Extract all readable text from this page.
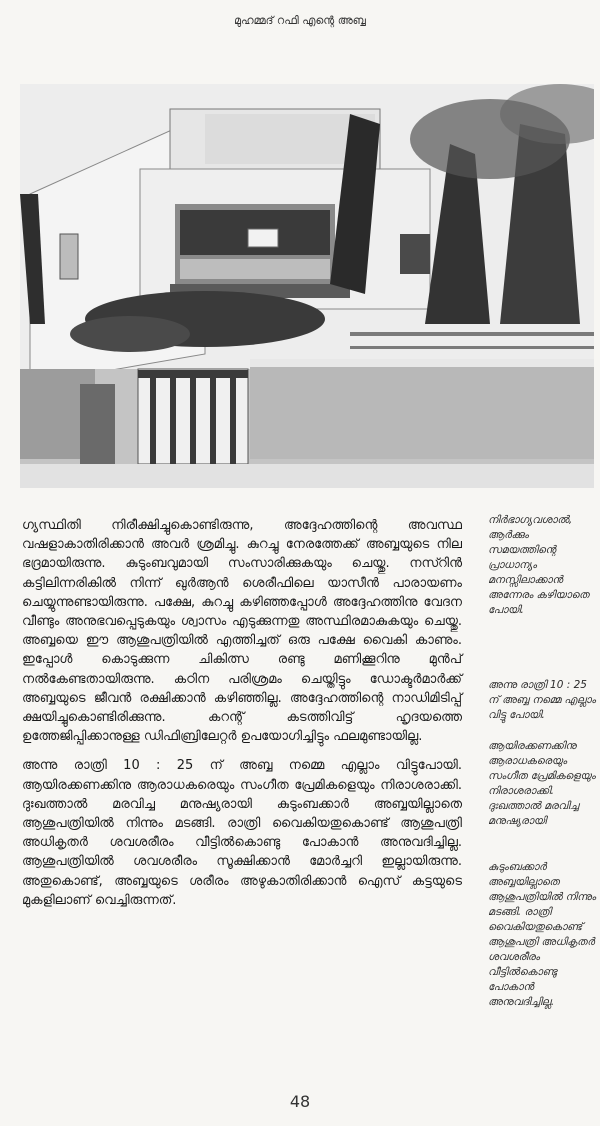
മുഹമ്മദ് റഫി എന്റെ അബ്ബ

ഗ്യസ്ഥിതി നിരീക്ഷിച്ചുകൊണ്ടിരുന്നു, അദ്ദേഹത്തിന്റെ അവസ്ഥ വഷളാകാതിരിക്കാൻ അവർ ശ്രമിച്ചു. കുറച്ചു നേരത്തേക്ക് അബ്ബയുടെ നില ഭദ്രമായിരുന്നു. കുടുംബവുമായി സംസാരിക്കുകയും ചെയ്തു. നസ്റിൻ കട്ടിലിന്നരികിൽ നിന്ന് ഖുർആൻ ശെരീഫിലെ യാസീൻ പാരായണം ചെയ്യുന്നുണ്ടായിരുന്നു. പക്ഷേ, കുറച്ചു കഴിഞ്ഞപ്പോൾ അദ്ദേഹത്തിനു വേദന വീണ്ടും അനുഭവപ്പെടുകയും ശ്വാസം എടുക്കുന്നതു അസ്ഥിരമാകുകയും ചെയ്തു. അബ്ബയെ ഈ ആശുപത്രിയിൽ എത്തിച്ചത് ഒരു പക്ഷേ വൈകി കാണും. ഇപ്പോൾ കൊടുക്കുന്ന ചികിത്സ രണ്ടു മണിക്കൂറിനു മുൻപ് നൽകേണ്ടതായിരുന്നു. കഠിന പരിശ്രമം ചെയ്തിട്ടും ഡോക്ടർമാർക്ക് അബ്ബയുടെ ജീവൻ രക്ഷിക്കാൻ കഴിഞ്ഞില്ല. അദ്ദേഹത്തിന്റെ നാഡിമിടിപ്പ് ക്ഷയിച്ചുകൊണ്ടിരിക്കുന്നു. കറന്റ് കടത്തിവിട്ട് ഹൃദയത്തെ ഉത്തേജിപ്പിക്കാനുള്ള ഡിഫിബ്രിലേറ്റർ ഉപയോഗിച്ചിട്ടും ഫലമുണ്ടായില്ല.

അന്നു രാത്രി 10 : 25 ന് അബ്ബ നമ്മെ എല്ലാം വിട്ടുപോയി. ആയിരക്കണക്കിനു ആരാധകരെയും സംഗീത പ്രേമികളെയും നിരാശരാക്കി. ദുഃഖത്താൽ മരവിച്ച മനുഷ്യരായി കുടുംബക്കാർ അബ്ബയില്ലാതെ ആശുപത്രിയിൽ നിന്നും മടങ്ങി. രാത്രി വൈകിയതുകൊണ്ട് ആശുപത്രി അധികൃതർ ശവശരീരം വീട്ടിൽകൊണ്ടു പോകാൻ അനുവദിച്ചില്ല. ആശുപത്രിയിൽ ശവശരീരം സൂക്ഷിക്കാൻ മോർച്ചറി ഇല്ലായിരുന്നു. അതുകൊണ്ട്, അബ്ബയുടെ ശരീരം അഴുകാതിരിക്കാൻ ഐസ് കട്ടയുടെ മുകളിലാണ് വെച്ചിരുന്നത്.

നിർഭാഗ്യവശാൽ, ആർക്കും സമയത്തിന്റെ പ്രാധാന്യം മനസ്സിലാക്കാൻ അന്നേരം കഴിയാതെ പോയി.
അന്നു രാത്രി 10 : 25 ന് അബ്ബ നമ്മെ എല്ലാം വിട്ടു പോയി.
ആയിരക്കണക്കിനു ആരാധകരെയും സംഗീത പ്രേമികളെയും നിരാശരാക്കി. ദുഃഖത്താൽ മരവിച്ച മനുഷ്യരായി
കുടുംബക്കാർ അബ്ബയില്ലാതെ ആശുപത്രിയിൽ നിന്നും മടങ്ങി. രാത്രി വൈകിയതുകൊണ്ട് ആശുപത്രി അധികൃതർ ശവശരീരം വീട്ടിൽകൊണ്ടു പോകാൻ അനുവദിച്ചില്ല.
48
